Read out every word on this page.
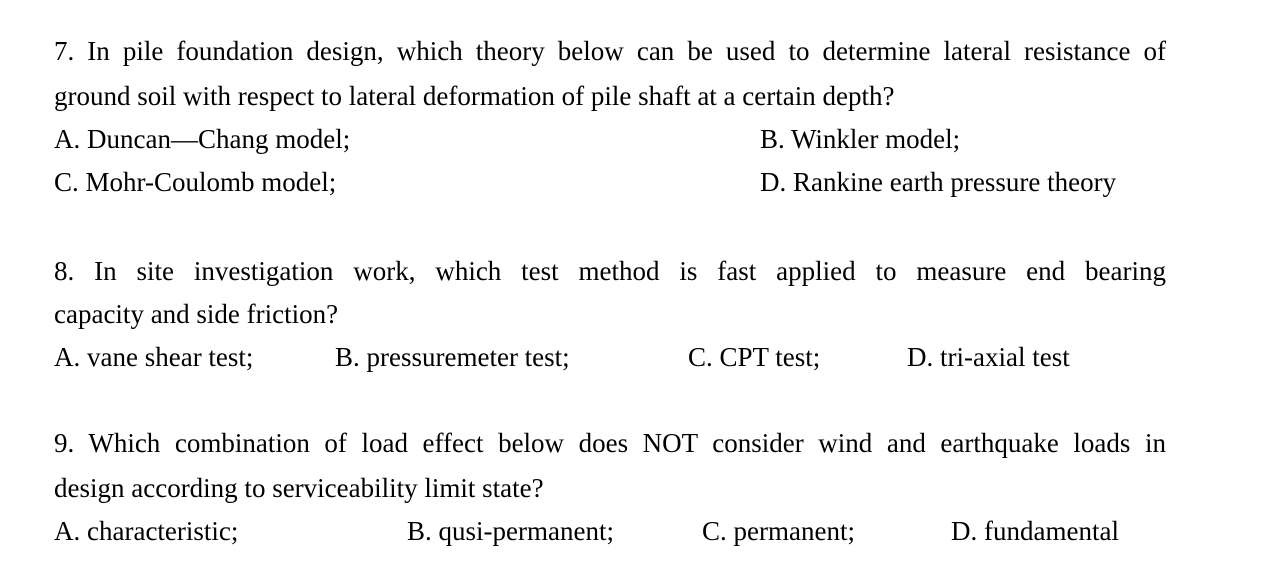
7. In pile foundation design, which theory below can be used to determine lateral resistance of
ground soil with respect to lateral deformation of pile shaft at a certain depth?
A. Duncan—Chang model;	B. Winkler model;
C. Mohr-Coulomb model;	D. Rankine earth pressure theory
8. In site investigation work, which test method is fast applied to measure end bearing
capacity and side friction?
A. vane shear test;	B. pressuremeter test;	C. CPT test;	D. tri-axial test
9. Which combination of load effect below does NOT consider wind and earthquake loads in
design according to serviceability limit state?
A. characteristic;	B. qusi-permanent;	C. permanent;	D. fundamental
